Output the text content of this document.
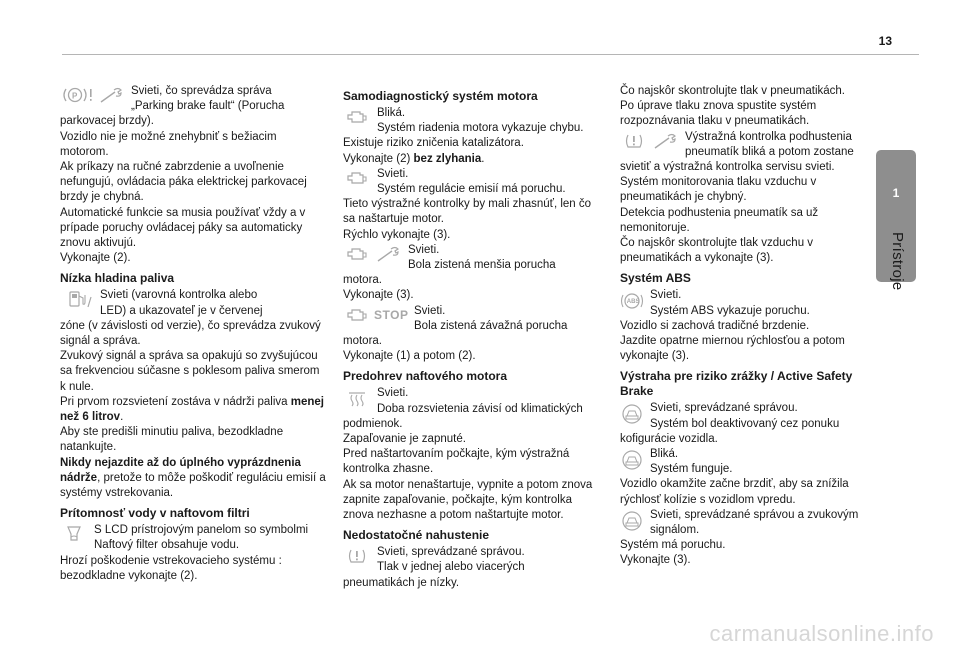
13
1
Prístroje
P	Svieti, čo sprevádza správa

„Parking brake fault“ (Porucha

parkovacej brzdy).

Vozidlo nie je možné znehybniť s bežiacim motorom.

Ak príkazy na ručné zabrzdenie a uvoľnenie nefungujú, ovládacia páka elektrickej parkovacej brzdy je chybná.

Automatické funkcie sa musia používať vždy a v prípade poruchy ovládacej páky sa automaticky znovu aktivujú.

Vykonajte (2).

Nízka hladina paliva

Svieti (varovná kontrolka alebo

LED) a ukazovateľ je v červenej

zóne (v závislosti od verzie), čo sprevádza zvukový signál a správa.

Zvukový signál a správa sa opakujú so zvyšujúcou sa frekvenciou súčasne s poklesom paliva smerom k nule.

Pri prvom rozsvietení zostáva v nádrži paliva menej než 6 litrov.

Aby ste predišli minutiu paliva, bezodkladne natankujte.

Nikdy nejazdite až do úplného vyprázdnenia nádrže, pretože to môže poškodiť reguláciu emisií a systémy vstrekovania.

Prítomnosť vody v naftovom filtri

S LCD prístrojovým panelom so symbolmi

Naftový filter obsahuje vodu.

Hrozí poškodenie vstrekovacieho systému : bezodkladne vykonajte (2).

Samodiagnostický systém motora

Bliká.

Systém riadenia motora vykazuje chybu.

Existuje riziko zničenia katalizátora.

Vykonajte (2) bez zlyhania.

Svieti.

Systém regulácie emisií má poruchu.

Tieto výstražné kontrolky by mali zhasnúť, len čo sa naštartuje motor.

Rýchlo vykonajte (3).

Svieti.

Bola zistená menšia porucha

motora.

Vykonajte (3).

STOP Svieti.

Bola zistená závažná porucha

motora.

Vykonajte (1) a potom (2).

Predohrev naftového motora

Svieti.

Doba rozsvietenia závisí od klimatických

podmienok.

Zapaľovanie je zapnuté.

Pred naštartovaním počkajte, kým výstražná kontrolka zhasne.

Ak sa motor nenaštartuje, vypnite a potom znova zapnite zapaľovanie, počkajte, kým kontrolka znova nezhasne a potom naštartujte motor.

Nedostatočné nahustenie

Svieti, sprevádzané správou.

Tlak v jednej alebo viacerých

pneumatikách je nízky.

Čo najskôr skontrolujte tlak v pneumatikách.

Po úprave tlaku znova spustite systém rozpoznávania tlaku v pneumatikách.

Výstražná kontrolka podhustenia

pneumatík bliká a potom zostane

svietiť a výstražná kontrolka servisu svieti.

Systém monitorovania tlaku vzduchu v pneumatikách je chybný.

Detekcia podhustenia pneumatík sa už nemonitoruje.

Čo najskôr skontrolujte tlak vzduchu v pneumatikách a vykonajte (3).

Systém ABS
ABS

Svieti.

Systém ABS vykazuje poruchu.

Vozidlo si zachová tradičné brzdenie.

Jazdite opatrne miernou rýchlosťou a potom vykonajte (3).

Výstraha pre riziko zrážky / Active Safety Brake

Svieti, sprevádzané správou.

Systém bol deaktivovaný cez ponuku

kofigurácie vozidla.

Bliká.

Systém funguje.

Vozidlo okamžite začne brzdiť, aby sa znížila rýchlosť kolízie s vozidlom vpredu.

Svieti, sprevádzané správou a zvukovým

signálom.

Systém má poruchu.

Vykonajte (3).

carmanualsonline.info
